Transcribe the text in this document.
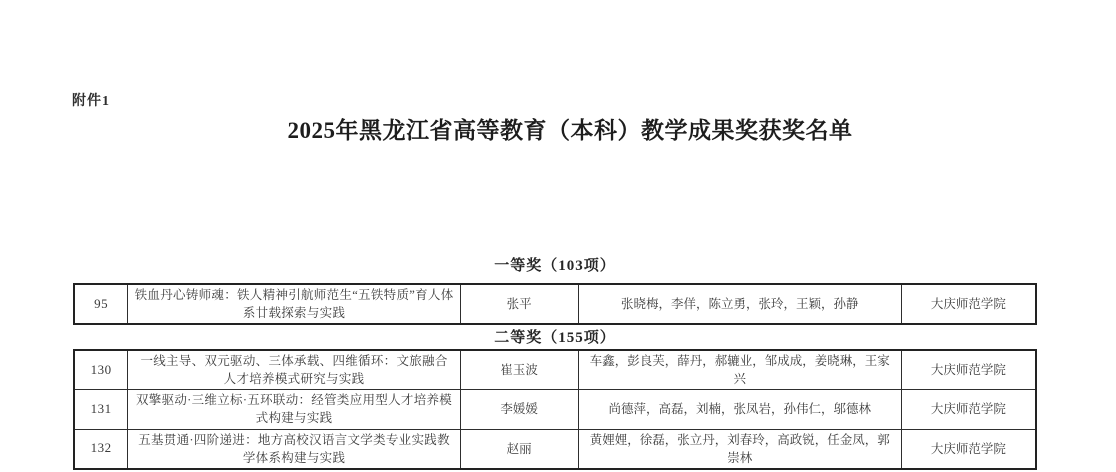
附件1
2025年黑龙江省高等教育（本科）教学成果奖获奖名单
一等奖（103项）
95	铁血丹心铸师魂：铁人精神引航师范生“五铁特质”育人体系廿载探索与实践	张平	张晓梅，李佯，陈立勇，张玲，王颖，孙静	大庆师范学院
二等奖（155项）
130	一线主导、双元驱动、三体承载、四维循环：文旅融合人才培养模式研究与实践	崔玉波	车鑫，彭良芙，薛丹，郝辘业，邹成成，姜晓琳，王家兴	大庆师范学院
131	双擎驱动·三维立标·五环联动：经管类应用型人才培养模式构建与实践	李媛媛	尚德萍，高磊，刘楠，张凤岩，孙伟仁，邬德林	大庆师范学院
132	五基贯通·四阶递进：地方高校汉语言文学类专业实践教学体系构建与实践	赵丽	黄娌娌，徐磊，张立丹，刘春玲，高政锐，任金凤，郭崇林	大庆师范学院
